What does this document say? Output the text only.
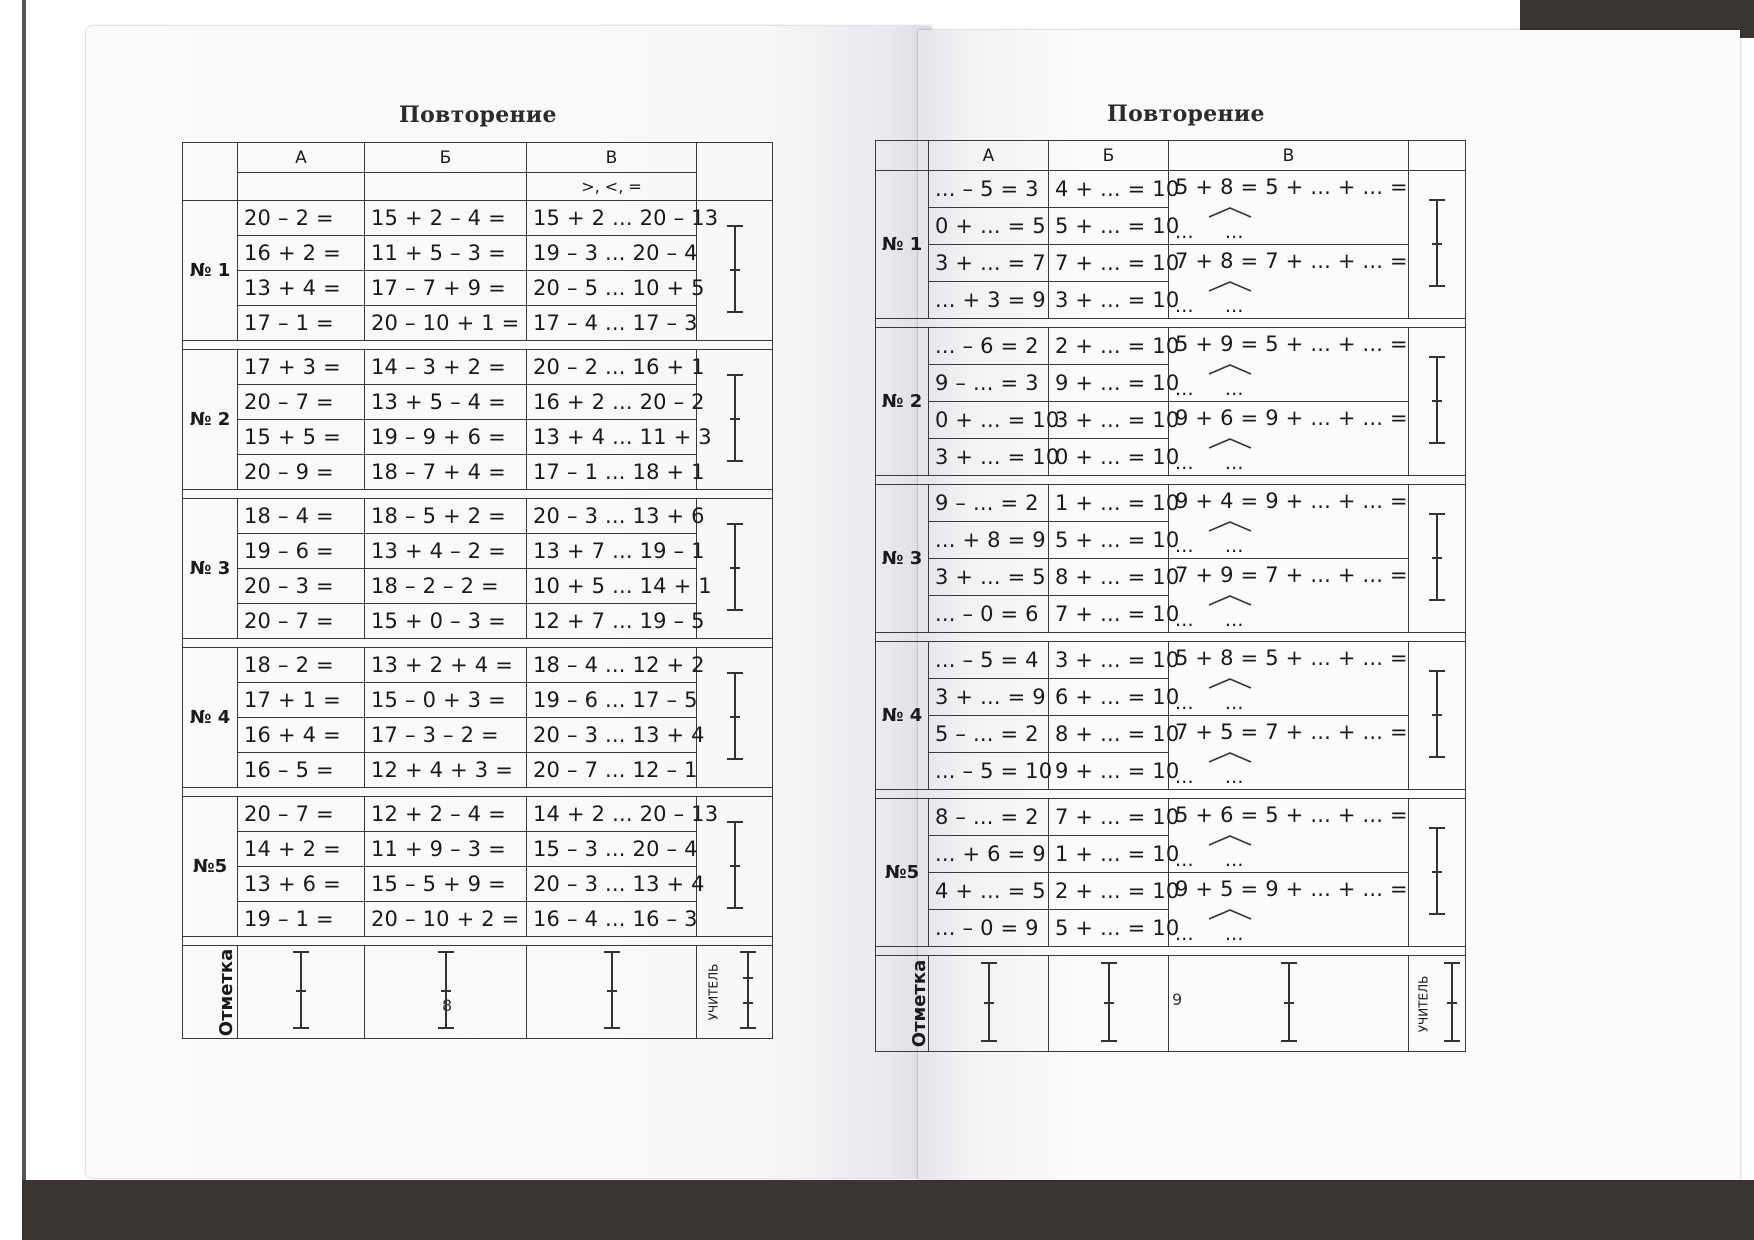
Повторение
	А	Б	В	
			>, <, =	
№ 1	20 – 2 =	15 + 2 – 4 =	15 + 2 ... 20 – 13	

	16 + 2 =	11 + 5 – 3 =	19 – 3 ... 20 – 4	
	13 + 4 =	17 – 7 + 9 =	20 – 5 ... 10 + 5	
	17 – 1 =	20 – 10 + 1 =	17 – 4 ... 17 – 3	

№ 2	17 + 3 =	14 – 3 + 2 =	20 – 2 ... 16 + 1	

	20 – 7 =	13 + 5 – 4 =	16 + 2 ... 20 – 2	
	15 + 5 =	19 – 9 + 6 =	13 + 4 ... 11 + 3	
	20 – 9 =	18 – 7 + 4 =	17 – 1 ... 18 + 1	

№ 3	18 – 4 =	18 – 5 + 2 =	20 – 3 ... 13 + 6	

	19 – 6 =	13 + 4 – 2 =	13 + 7 ... 19 – 1	
	20 – 3 =	18 – 2 – 2 =	10 + 5 ... 14 + 1	
	20 – 7 =	15 + 0 – 3 =	12 + 7 ... 19 – 5	

№ 4	18 – 2 =	13 + 2 + 4 =	18 – 4 ... 12 + 2	

	17 + 1 =	15 – 0 + 3 =	19 – 6 ... 17 – 5	
	16 + 4 =	17 – 3 – 2 =	20 – 3 ... 13 + 4	
	16 – 5 =	12 + 4 + 3 =	20 – 7 ... 12 – 1	

№5	20 – 7 =	12 + 2 – 4 =	14 + 2 ... 20 – 13	

	14 + 2 =	11 + 9 – 3 =	15 – 3 ... 20 – 4	
	13 + 6 =	15 – 5 + 9 =	20 – 3 ... 13 + 4	
	19 – 1 =	20 – 10 + 2 =	16 – 4 ... 16 – 3	

Отметка				УЧИТЕЛЬ
8
Повторение
	А	Б	В	
№ 1	... – 5 = 3	4 + ... = 10	5 + 8 = 5 + ... + ... =
...     ...	

	0 + ... = 5	5 + ... = 10		
	3 + ... = 7	7 + ... = 10	7 + 8 = 7 + ... + ... =
...     ...	

	... + 3 = 9	3 + ... = 10		

№ 2	... – 6 = 2	2 + ... = 10	5 + 9 = 5 + ... + ... =
...     ...	

	9 – ... = 3	9 + ... = 10		
	0 + ... = 10	3 + ... = 10	9 + 6 = 9 + ... + ... =
...     ...	

	3 + ... = 10	0 + ... = 10		

№ 3	9 – ... = 2	1 + ... = 10	9 + 4 = 9 + ... + ... =
...     ...	

	... + 8 = 9	5 + ... = 10		
	3 + ... = 5	8 + ... = 10	7 + 9 = 7 + ... + ... =
...     ...	

	... – 0 = 6	7 + ... = 10		

№ 4	... – 5 = 4	3 + ... = 10	5 + 8 = 5 + ... + ... =
...     ...	

	3 + ... = 9	6 + ... = 10		
	5 – ... = 2	8 + ... = 10	7 + 5 = 7 + ... + ... =
...     ...	

	... – 5 = 10	9 + ... = 10		

№5	8 – ... = 2	7 + ... = 10	5 + 6 = 5 + ... + ... =
...     ...	

	... + 6 = 9	1 + ... = 10		
	4 + ... = 5	2 + ... = 10	9 + 5 = 9 + ... + ... =
...     ...	

	... – 0 = 9	5 + ... = 10		

Отметка				УЧИТЕЛЬ
9
